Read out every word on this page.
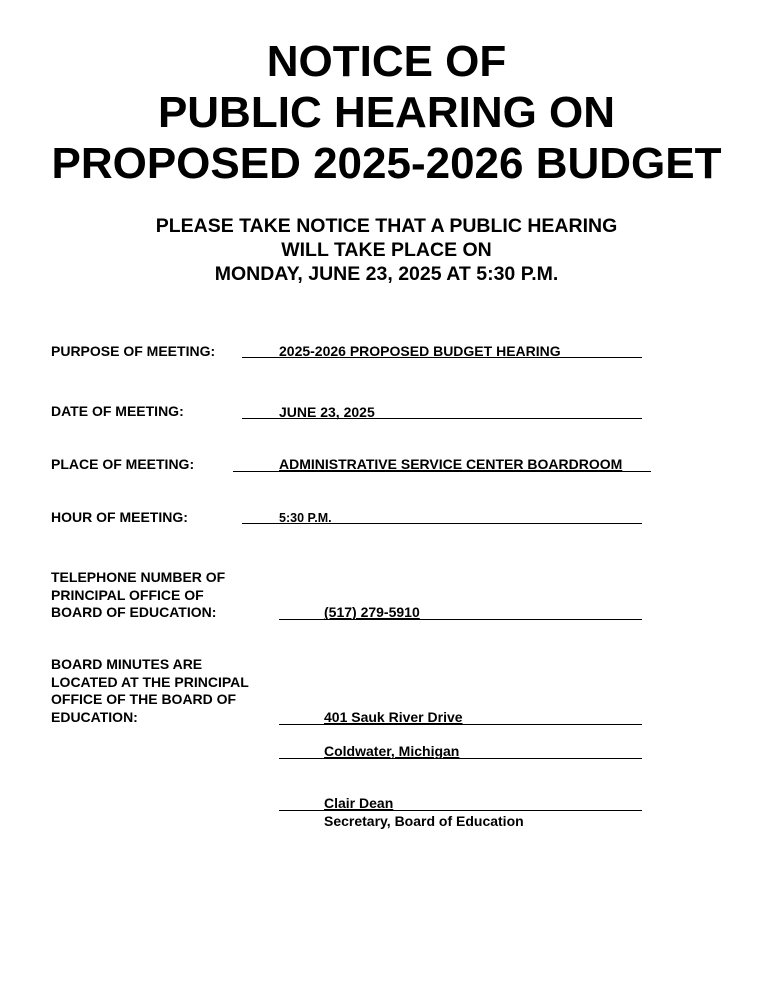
NOTICE OF
PUBLIC HEARING ON
PROPOSED 2025-2026 BUDGET
PLEASE TAKE NOTICE THAT A PUBLIC HEARING
WILL TAKE PLACE ON
MONDAY, JUNE 23, 2025 AT 5:30 P.M.
PURPOSE OF MEETING:	2025-2026 PROPOSED BUDGET HEARING
DATE OF MEETING:	JUNE 23, 2025
PLACE OF MEETING:	ADMINISTRATIVE SERVICE CENTER BOARDROOM
HOUR OF MEETING:	5:30 P.M.
TELEPHONE NUMBER OF
PRINCIPAL OFFICE OF
BOARD OF EDUCATION:	(517) 279-5910
BOARD MINUTES ARE
LOCATED AT THE PRINCIPAL
OFFICE OF THE BOARD OF
EDUCATION:	401 Sauk River Drive
Coldwater, Michigan
Clair Dean
Secretary, Board of Education
